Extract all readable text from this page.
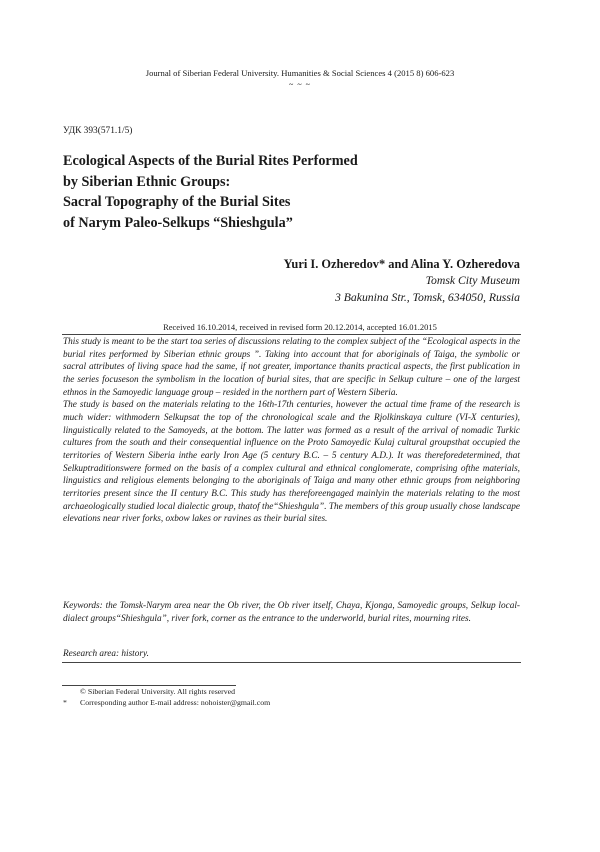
Journal of Siberian Federal University. Humanities & Social Sciences 4 (2015 8) 606-623
~ ~ ~
УДК 393(571.1/5)
Ecological Aspects of the Burial Rites Performed
by Siberian Ethnic Groups:
Sacral Topography of the Burial Sites
of Narym Paleo-Selkups “Shieshgula”
Yuri I. Ozheredov* and Alina Y. Ozheredova
Tomsk City Museum
3 Bakunina Str., Tomsk, 634050, Russia
Received 16.10.2014, received in revised form 20.12.2014, accepted 16.01.2015

This study is meant to be the start toa series of discussions relating to the complex subject of the “Ecological aspects in the burial rites performed by Siberian ethnic groups ”. Taking into account that for aboriginals of Taiga, the symbolic or sacral attributes of living space had the same, if not greater, importance thanits practical aspects, the first publication in the series focuseson the symbolism in the location of burial sites, that are specific in Selkup culture – one of the largest ethnos in the Samoyedic language group – resided in the northern part of Western Siberia.

The study is based on the materials relating to the 16th-17th centuries, however the actual time frame of the research is much wider: withmodern Selkupsat the top of the chronological scale and the Rjolkinskaya culture (VI-X centuries), linguistically related to the Samoyeds, at the bottom. The latter was formed as a result of the arrival of nomadic Turkic cultures from the south and their consequential influence on the Proto Samoyedic Kulaj cultural groupsthat occupied the territories of Western Siberia inthe early Iron Age (5 century B.C. – 5 century A.D.). It was thereforedetermined, that Selkuptraditionswere formed on the basis of a complex cultural and ethnical conglomerate, comprising ofthe materials, linguistics and religious elements belonging to the aboriginals of Taiga and many other ethnic groups from neighboring territories present since the II century B.C. This study has thereforeengaged mainlyin the materials relating to the most archaeologically studied local dialectic group, thatof the“Shieshgula”. The members of this group usually chose landscape elevations near river forks, oxbow lakes or ravines as their burial sites.

Keywords: the Tomsk-Narym area near the Ob river, the Ob river itself, Chaya, Kjonga, Samoyedic groups, Selkup local-dialect groups“Shieshgula”, river fork, corner as the entrance to the underworld, burial rites, mourning rites.

Research area: history.

© Siberian Federal University. All rights reserved
* Corresponding author E-mail address: nohoister@gmail.com
